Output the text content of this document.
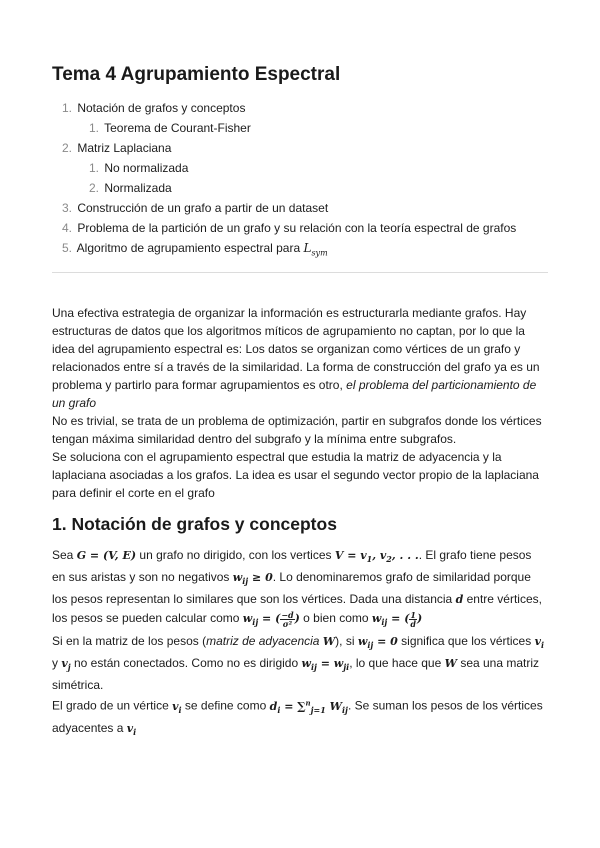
Tema 4 Agrupamiento Espectral
1. Notación de grafos y conceptos
1. Teorema de Courant-Fisher
2. Matriz Laplaciana
1. No normalizada
2. Normalizada
3. Construcción de un grafo a partir de un dataset
4. Problema de la partición de un grafo y su relación con la teoría espectral de grafos
5. Algoritmo de agrupamiento espectral para $L_{sym}$

Una efectiva estrategia de organizar la información es estructurarla mediante grafos. Hay estructuras de datos que los algoritmos míticos de agrupamiento no captan, por lo que la idea del agrupamiento espectral es: Los datos se organizan como vértices de un grafo y relacionados entre sí a través de la similaridad. La forma de construcción del grafo ya es un problema y partirlo para formar agrupamientos es otro, el problema del particionamiento de un grafo

No es trivial, se trata de un problema de optimización, partir en subgrafos donde los vértices tengan máxima similaridad dentro del subgrafo y la mínima entre subgrafos.

Se soluciona con el agrupamiento espectral que estudia la matriz de adyacencia y la laplaciana asociadas a los grafos. La idea es usar el segundo vector propio de la laplaciana para definir el corte en el grafo

1. Notación de grafos y conceptos

Sea G = (V, E) un grafo no dirigido, con los vertices $V = v_1$, $v_2$, . . .. El grafo tiene pesos en sus aristas y son no negativos $w_{ij} \ge 0$. Lo denominaremos grafo de similaridad porque los pesos representan lo similares que son los vértices. Dada una distancia d entre vértices, los pesos se pueden calcular como $w_{ij}$ = ( $\frac{-d}{\text{σ²}}$ ) o bien como $w_{ij}$ = ( $\frac{1}{d}$ )

Si en la matriz de los pesos (matriz de adyacencia W), si $w_{ij} = 0$ significa que los vértices $v_i$ y $v_j$ no están conectados. Como no es dirigido $w_{ij} = w_{ji}$, lo que hace que W sea una matriz simétrica.

El grado de un vértice $v_i$ se define como $d_i = \sum^n_{j=1}$ $W_{ij}$. Se suman los pesos de los vértices adyacentes a $v_i$
